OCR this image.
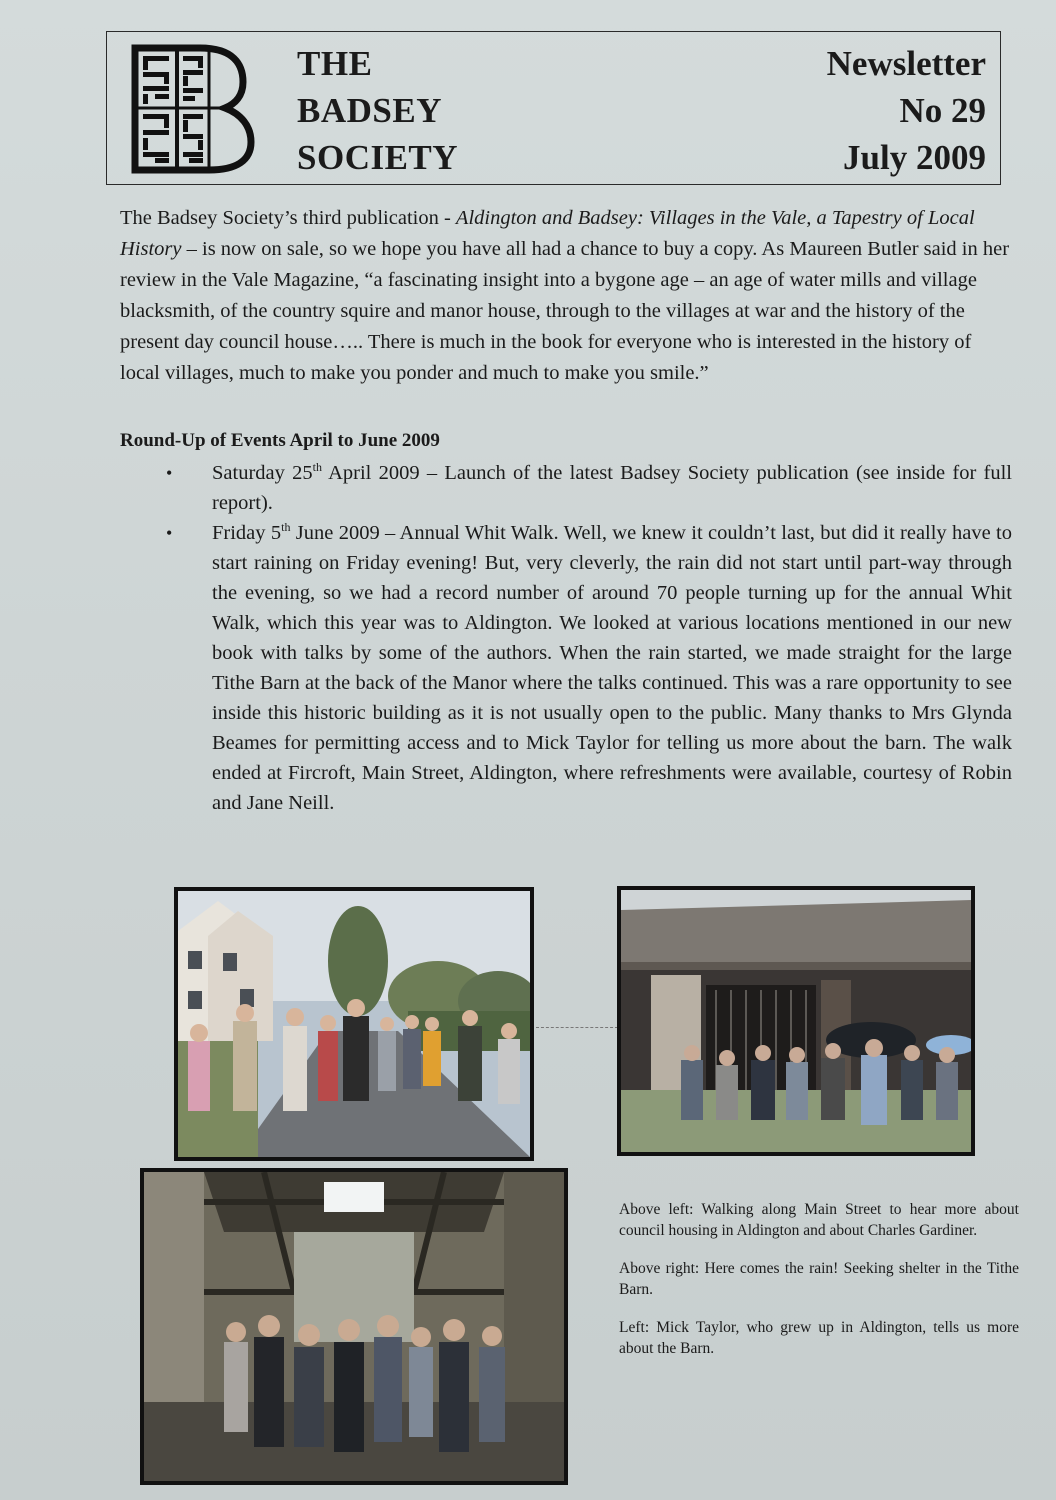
THE
BADSEY
SOCIETY
Newsletter
No 29
July 2009
The Badsey Society’s third publication - Aldington and Badsey: Villages in the Vale, a Tapestry of Local History – is now on sale, so we hope you have all had a chance to buy a copy. As Maureen Butler said in her review in the Vale Magazine, “a fascinating insight into a bygone age – an age of water mills and village blacksmith, of the country squire and manor house, through to the villages at war and the history of the present day council house….. There is much in the book for everyone who is interested in the history of local villages, much to make you ponder and much to make you smile.”
Round-Up of Events April to June 2009
• Saturday 25th April 2009 – Launch of the latest Badsey Society publication (see inside for full report).
• Friday 5th June 2009 – Annual Whit Walk. Well, we knew it couldn’t last, but did it really have to start raining on Friday evening! But, very cleverly, the rain did not start until part-way through the evening, so we had a record number of around 70 people turning up for the annual Whit Walk, which this year was to Aldington. We looked at various locations mentioned in our new book with talks by some of the authors. When the rain started, we made straight for the large Tithe Barn at the back of the Manor where the talks continued. This was a rare opportunity to see inside this historic building as it is not usually open to the public. Many thanks to Mrs Glynda Beames for permitting access and to Mick Taylor for telling us more about the barn. The walk ended at Fircroft, Main Street, Aldington, where refreshments were available, courtesy of Robin and Jane Neill.

Above left: Walking along Main Street to hear more about council housing in Aldington and about Charles Gardiner.

Above right: Here comes the rain! Seeking shelter in the Tithe Barn.

Left: Mick Taylor, who grew up in Aldington, tells us more about the Barn.
